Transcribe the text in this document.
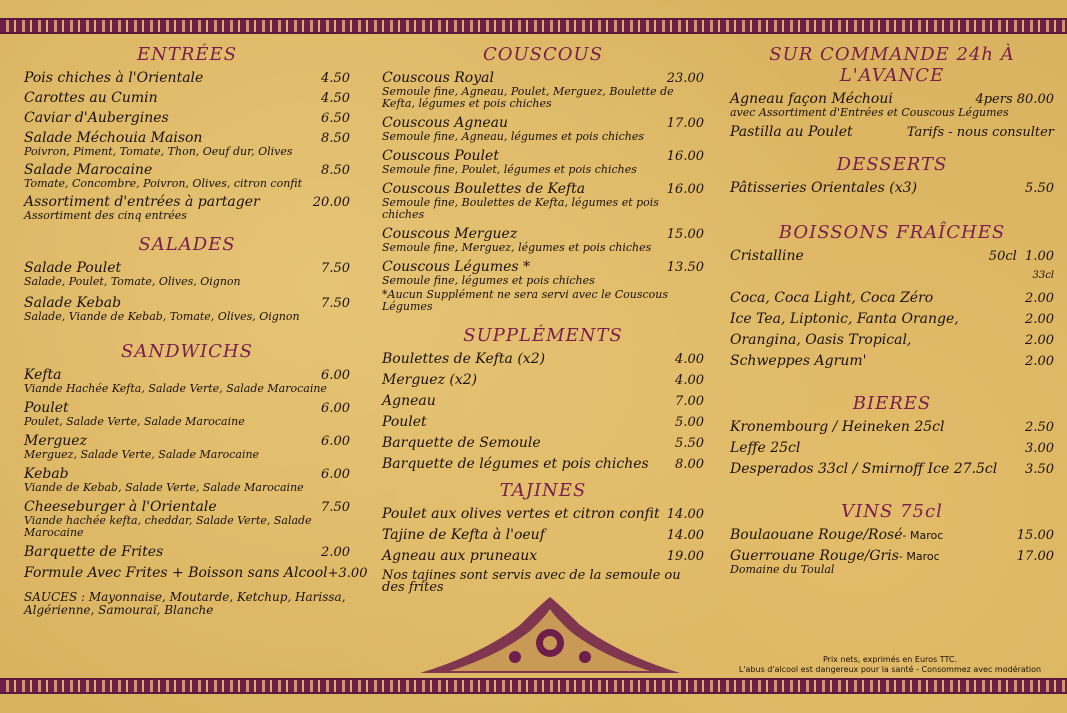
ENTRÉES
Pois chiches à l'Orientale	4.50
Carottes au Cumin	4.50
Caviar d'Aubergines	6.50
Salade Méchouia Maison	8.50
Poivron, Piment, Tomate, Thon, Oeuf dur, Olives
Salade Marocaine	8.50
Tomate, Concombre, Poivron, Olives, citron confit
Assortiment d'entrées à partager	20.00
Assortiment des cinq entrées
SALADES
Salade Poulet	7.50
Salade, Poulet, Tomate, Olives, Oignon
Salade Kebab	7.50
Salade, Viande de Kebab, Tomate, Olives, Oignon
SANDWICHS
Kefta	6.00
Viande Hachée Kefta, Salade Verte, Salade Marocaine
Poulet	6.00
Poulet, Salade Verte, Salade Marocaine
Merguez	6.00
Merguez, Salade Verte, Salade Marocaine
Kebab	6.00
Viande de Kebab, Salade Verte, Salade Marocaine
Cheeseburger à l'Orientale	7.50
Viande hachée kefta, cheddar, Salade Verte, Salade Marocaine
Barquette de Frites	2.00
Formule Avec Frites + Boisson sans Alcool +3.00
SAUCES : Mayonnaise, Moutarde, Ketchup, Harissa, Algérienne, Samouraï, Blanche
COUSCOUS
Couscous Royal	23.00
Semoule fine, Agneau, Poulet, Merguez, Boulette de Kefta, légumes et pois chiches
Couscous Agneau	17.00
Semoule fine, Agneau, légumes et pois chiches
Couscous Poulet	16.00
Semoule fine, Poulet, légumes et pois chiches
Couscous Boulettes de Kefta	16.00
Semoule fine, Boulettes de Kefta, légumes et pois chiches
Couscous Merguez	15.00
Semoule fine, Merguez, légumes et pois chiches
Couscous Légumes *	13.50
Semoule fine, légumes et pois chiches
*Aucun Supplément ne sera servi avec le Couscous Légumes
SUPPLÉMENTS
Boulettes de Kefta (x2)	4.00
Merguez (x2)	4.00
Agneau	7.00
Poulet	5.00
Barquette de Semoule	5.50
Barquette de légumes et pois chiches 8.00
TAJINES
Poulet aux olives vertes et citron confit 14.00
Tajine de Kefta à l'oeuf	14.00
Agneau aux pruneaux	19.00
Nos tajines sont servis avec de la semoule ou des frites
SUR COMMANDE 24h À L'AVANCE
Agneau façon Méchoui	4pers 80.00
avec Assortiment d'Entrées et Couscous Légumes
Pastilla au Poulet	Tarifs - nous consulter
DESSERTS
Pâtisseries Orientales (x3)	5.50
BOISSONS FRAÎCHES
Cristalline	50cl 1.00
33cl
Coca, Coca Light, Coca Zéro	2.00
Ice Tea, Liptonic, Fanta Orange,	2.00
Orangina, Oasis Tropical,	2.00
Schweppes Agrum'	2.00
BIERES
Kronembourg / Heineken 25cl	2.50
Leffe 25cl	3.00
Desperados 33cl / Smirnoff Ice 27.5cl 3.50
VINS 75cl
Boulaouane Rouge/Rosé - Maroc	15.00
Guerrouane Rouge/Gris - Maroc	17.00
Domaine du Toulal
Prix nets, exprimés en Euros TTC.
L'abus d'alcool est dangereux pour la santé - Consommez avec modération
